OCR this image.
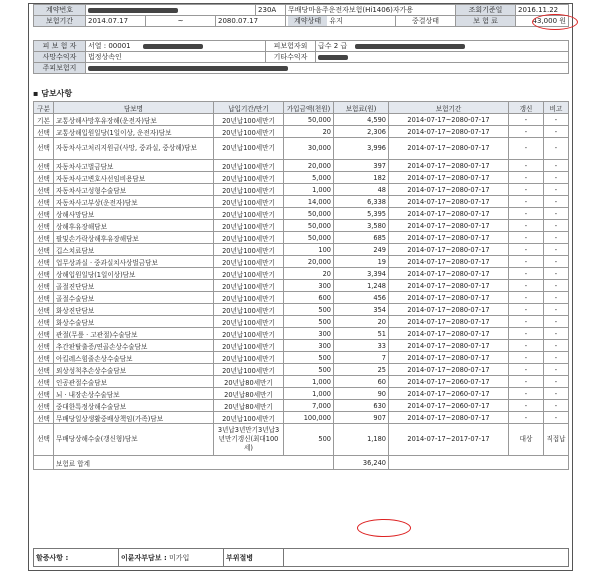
계약번호				230A	무배당마음주운전자보험(Hi1406)자가용		조회기준일	2016.11.22
보험기간	2014.07.17	~	2080.07.17		계약상태 유지	중결상태	보 험 료	43,000 원
피 보 험 자	서열 : 00001	피보험자외	급수 2 급
사망수익자	법정상속인	기타수익자	
주피보험지			
▪ 담보사항
구분	담보명	납입기간/만기	가입금액(천원)	보험료(원)	보험기간	갱신	비고
기본	교통상해사망후유장해(운전자)담보	20년납100세만기	50,000	4,590	2014-07-17~2080-07-17	-	-
선택	교통상해입원일당(1일이상, 운전자)담보	20년납100세만기	20	2,306	2014-07-17~2080-07-17	-	-
선택	자동차사고처리지원금(사망, 중과실, 중상해)담보	20년납100세만기	30,000	3,996	2014-07-17~2080-07-17	-	-
선택	자동차사고벌금담보	20년납100세만기	20,000	397	2014-07-17~2080-07-17	-	-
선택	자동차사고변호사선임비용담보	20년납100세만기	5,000	182	2014-07-17~2080-07-17	-	-
선택	자동차사고성형수술담보	20년납100세만기	1,000	48	2014-07-17~2080-07-17	-	-
선택	자동차사고부상(운전자)담보	20년납100세만기	14,000	6,338	2014-07-17~2080-07-17	-	-
선택	상해사망담보	20년납100세만기	50,000	5,395	2014-07-17~2080-07-17	-	-
선택	상해후유장해담보	20년납100세만기	50,000	3,580	2014-07-17~2080-07-17	-	-
선택	팔및손가락상해후유장해담보	20년납100세만기	50,000	685	2014-07-17~2080-07-17	-	-
선택	깁스치료담보	20년납100세만기	100	249	2014-07-17~2080-07-17	-	-
선택	업무상과실 · 중과실치사상벌금담보	20년납100세만기	20,000	19	2014-07-17~2080-07-17	-	-
선택	상해입원일당(1일이상)담보	20년납100세만기	20	3,394	2014-07-17~2080-07-17	-	-
선택	골절진단담보	20년납100세만기	300	1,248	2014-07-17~2080-07-17	-	-
선택	골절수술담보	20년납100세만기	600	456	2014-07-17~2080-07-17	-	-
선택	화상진단담보	20년납100세만기	500	354	2014-07-17~2080-07-17	-	-
선택	화상수술담보	20년납100세만기	500	20	2014-07-17~2080-07-17	-	-
선택	관절(무릎 · 고관절)수술담보	20년납100세만기	300	51	2014-07-17~2080-07-17	-	-
선택	추간판탈출증/연골손상수술담보	20년납100세만기	300	33	2014-07-17~2080-07-17	-	-
선택	아킬레스힘줄손상수술담보	20년납100세만기	500	7	2014-07-17~2080-07-17	-	-
선택	외상성척추손상수술담보	20년납100세만기	500	25	2014-07-17~2080-07-17	-	-
선택	인공관절수술담보	20년납80세만기	1,000	60	2014-07-17~2060-07-17	-	-
선택	뇌 · 내장손상수술담보	20년납80세만기	1,000	90	2014-07-17~2060-07-17	-	-
선택	중대한특정상해수술담보	20년납80세만기	7,000	630	2014-07-17~2060-07-17	-	-
선택	무배당일상생활중배상책임(가족)담보	20년납100세만기	100,000	907	2014-07-17~2080-07-17	-	-
선택	무배당상해수술(갱신형)담보	3년납3년만기3년납3년만기갱신(최대100세)	500	1,180	2014-07-17~2017-07-17	대상	직접납
	보험료 합계			36,240			
할증사항 :	이륜자부담보 : 미가입	부위절병	
